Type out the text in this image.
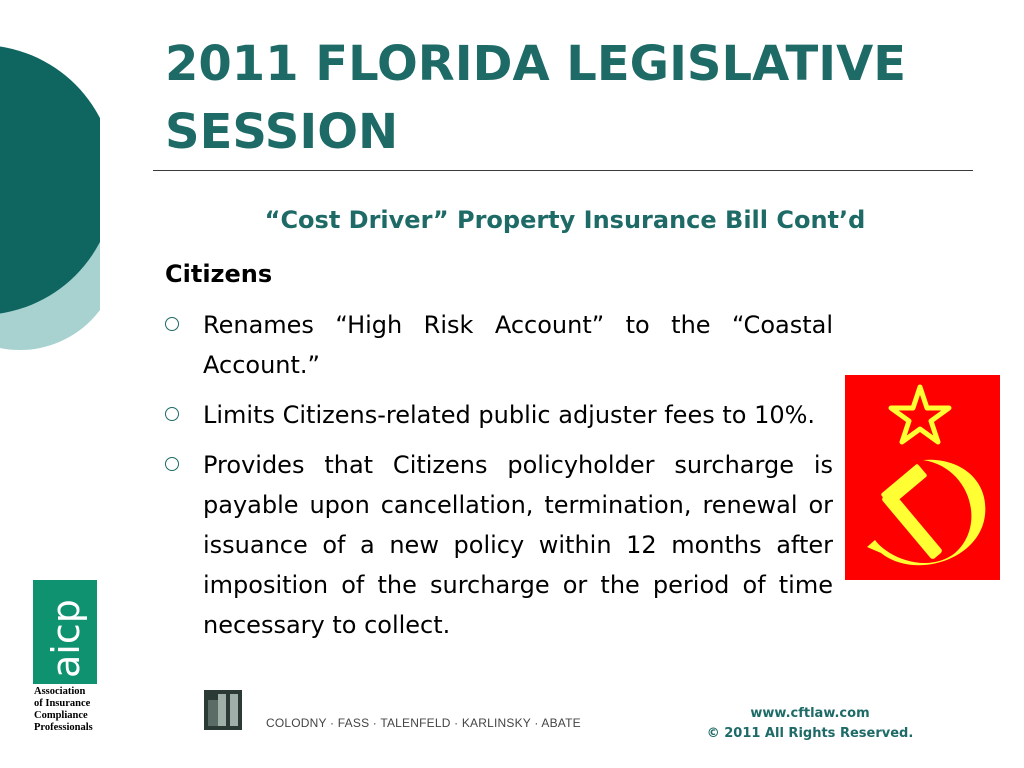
2011 FLORIDA LEGISLATIVE SESSION
“Cost Driver” Property Insurance Bill Cont’d
Citizens
Renames “High Risk Account” to the “Coastal Account.”
Limits Citizens-related public adjuster fees to 10%.
Provides that Citizens policyholder surcharge is payable upon cancellation, termination, renewal or issuance of a new policy within 12 months after imposition of the surcharge or the period of time necessary to collect.
aicp
Association
of Insurance
Compliance
Professionals	COLODNY · FASS · TALENFELD · KARLINSKY · ABATE
www.cftlaw.com
© 2011 All Rights Reserved.
